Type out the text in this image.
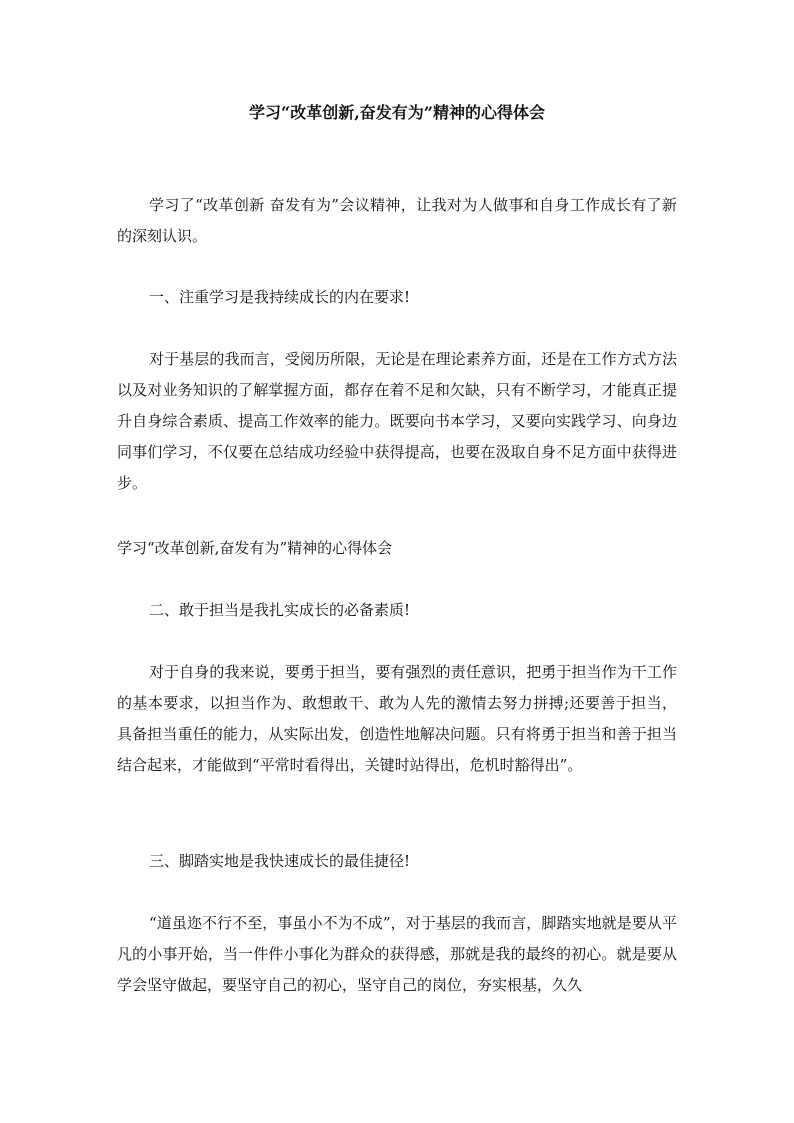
学习“改革创新,奋发有为”精神的心得体会

学习了“改革创新 奋发有为”会议精神，让我对为人做事和自身工作成长有了新的深刻认识。

一、注重学习是我持续成长的内在要求!

对于基层的我而言，受阅历所限，无论是在理论素养方面，还是在工作方式方法以及对业务知识的了解掌握方面，都存在着不足和欠缺，只有不断学习，才能真正提升自身综合素质、提高工作效率的能力。既要向书本学习，又要向实践学习、向身边同事们学习，不仅要在总结成功经验中获得提高，也要在汲取自身不足方面中获得进步。

学习“改革创新,奋发有为”精神的心得体会

二、敢于担当是我扎实成长的必备素质!

对于自身的我来说，要勇于担当，要有强烈的责任意识，把勇于担当作为干工作的基本要求，以担当作为、敢想敢干、敢为人先的激情去努力拼搏;还要善于担当，具备担当重任的能力，从实际出发，创造性地解决问题。只有将勇于担当和善于担当结合起来，才能做到“平常时看得出，关键时站得出，危机时豁得出”。

三、脚踏实地是我快速成长的最佳捷径!

“道虽迩不行不至，事虽小不为不成”，对于基层的我而言，脚踏实地就是要从平凡的小事开始，当一件件小事化为群众的获得感，那就是我的最终的初心。就是要从学会坚守做起，要坚守自己的初心，坚守自己的岗位，夯实根基，久久
